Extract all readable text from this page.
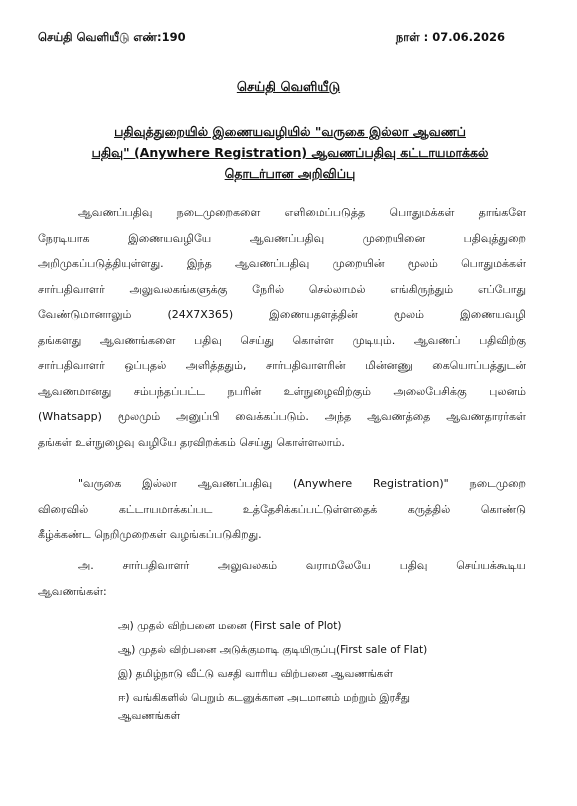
செய்தி வெளியீடு எண்:190	நாள் : 07.06.2026
செய்தி வெளியீடு
பதிவுத்துறையில் இணையவழியில் "வருகை இல்லா ஆவணப்
பதிவு" (Anywhere Registration) ஆவணப்பதிவு கட்டாயமாக்கல்
தொடர்பான அறிவிப்பு
ஆவணப்பதிவு நடைமுறைகளை எளிமைப்படுத்த பொதுமக்கள் தாங்களே
நேரடியாக இணையவழியே ஆவணப்பதிவு முறையினை பதிவுத்துறை
அறிமுகப்படுத்தியுள்ளது. இந்த ஆவணப்பதிவு முறையின் மூலம் பொதுமக்கள்
சார்பதிவாளர் அலுவலகங்களுக்கு நேரில் செல்லாமல் எங்கிருந்தும் எப்போது
வேண்டுமானாலும் (24X7X365) இணையதளத்தின் மூலம் இணையவழி
தங்களது ஆவணங்களை பதிவு செய்து கொள்ள முடியும். ஆவணப் பதிவிற்கு
சார்பதிவாளர் ஒப்புதல் அளித்ததும், சார்பதிவாளரின் மின்னணு கையொப்பத்துடன்
ஆவணமானது சம்பந்தப்பட்ட நபரின் உள்நுழைவிற்கும் அலைபேசிக்கு புலனம்
(Whatsapp) மூலமும் அனுப்பி வைக்கப்படும். அந்த ஆவணத்தை ஆவணதாரர்கள்
தங்கள் உள்நுழைவு வழியே தரவிறக்கம் செய்து கொள்ளலாம்.
"வருகை இல்லா ஆவணப்பதிவு (Anywhere Registration)" நடைமுறை
விரைவில் கட்டாயமாக்கப்பட உத்தேசிக்கப்பட்டுள்ளதைக் கருத்தில் கொண்டு
கீழ்க்கண்ட நெறிமுறைகள் வழங்கப்படுகிறது.
அ. சார்பதிவாளர் அலுவலகம் வராமலேயே பதிவு செய்யக்கூடிய
ஆவணங்கள்:
அ) முதல் விற்பனை மனை (First sale of Plot)
ஆ) முதல் விற்பனை அடுக்குமாடி குடியிருப்பு(First sale of Flat)
இ) தமிழ்நாடு வீட்டு வசதி வாரிய விற்பனை ஆவணங்கள்
ஈ) வங்கிகளில் பெறும் கடனுக்கான அடமானம் மற்றும் இரசீது
ஆவணங்கள்
